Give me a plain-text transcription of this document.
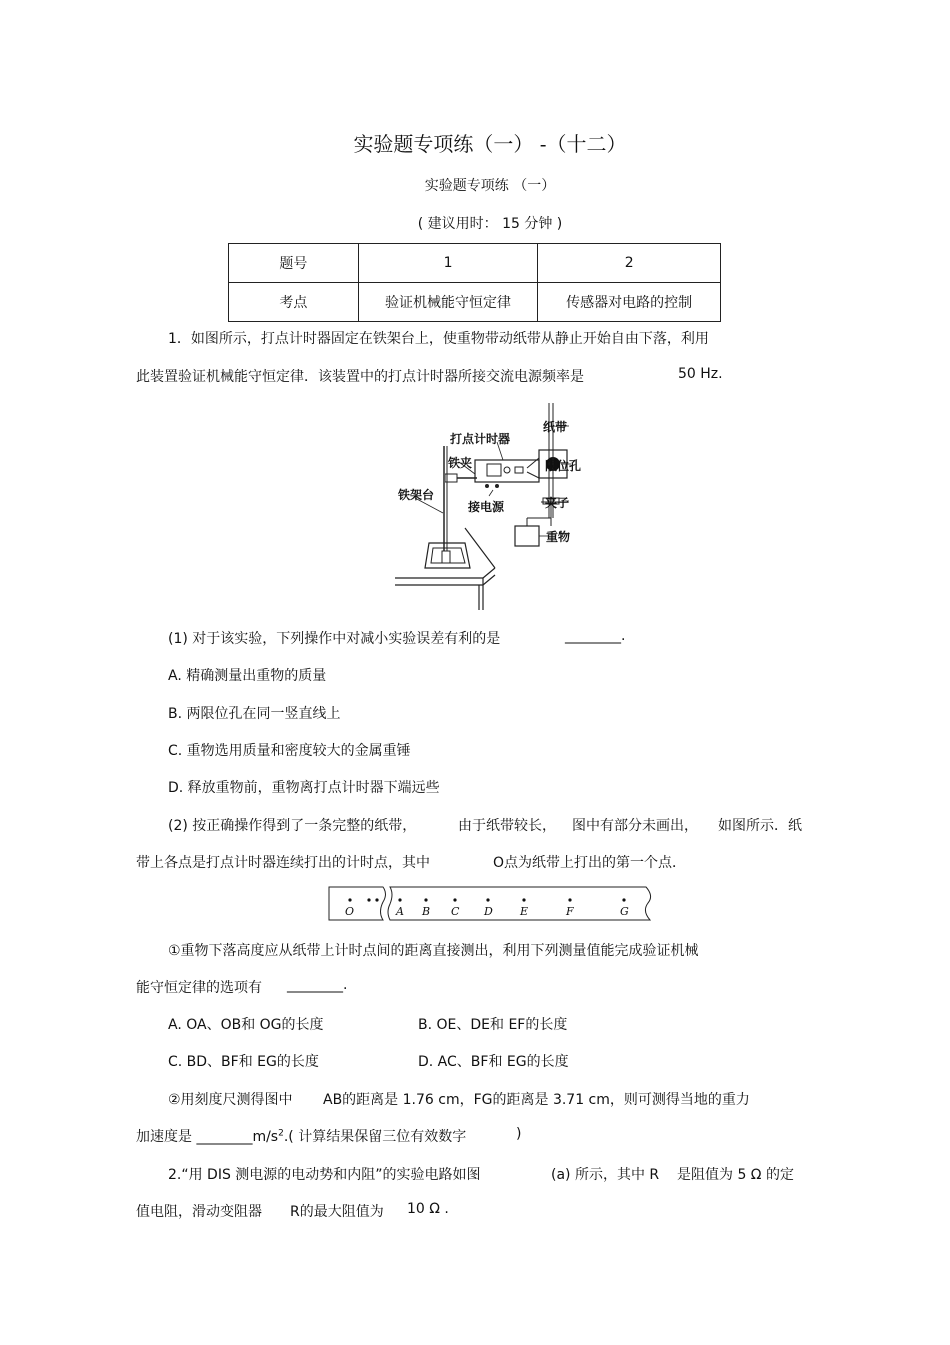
实验题专项练（一） -（十二）
实验题专项练 （一）
( 建议用时： 15 分钟 )
题号	1	2
考点	验证机械能守恒定律	传感器对电路的控制
1．如图所示，打点计时器固定在铁架台上，使重物带动纸带从静止开始自由下落，利用
此装置验证机械能守恒定律．该装置中的打点计时器所接交流电源频率是	50 Hz.
打点计时器
纸带
铁夹	限位孔
铁架台
接电源	夹子
重物
(1) 对于该实验，下列操作中对减小实验误差有利的是	________.
A. 精确测量出重物的质量
B. 两限位孔在同一竖直线上
C. 重物选用质量和密度较大的金属重锤
D. 释放重物前，重物离打点计时器下端远些
(2) 按正确操作得到了一条完整的纸带，	由于纸带较长， 图中有部分未画出， 如图所示．纸
带上各点是打点计时器连续打出的计时点，其中	O点为纸带上打出的第一个点．
O	A B C D E	F	G
①重物下落高度应从纸带上计时点间的距离直接测出，利用下列测量值能完成验证机械
能守恒定律的选项有 ________.
A. OA、OB和 OG的长度	B. OE、DE和 EF的长度
C. BD、BF和 EG的长度	D. AC、BF和 EG的长度
②用刻度尺测得图中 AB的距离是 1.76 cm，FG的距离是 3.71 cm，则可测得当地的重力
加速度是 $\_\_\_\_\_\_\_\_m/s^2$.( 计算结果保留三位有效数字	)
2.“用 DIS 测电源的电动势和内阻”的实验电路如图	(a) 所示，其中 R 是阻值为 5 Ω 的定
值电阻，滑动变阻器 R的最大阻值为 10 Ω .
